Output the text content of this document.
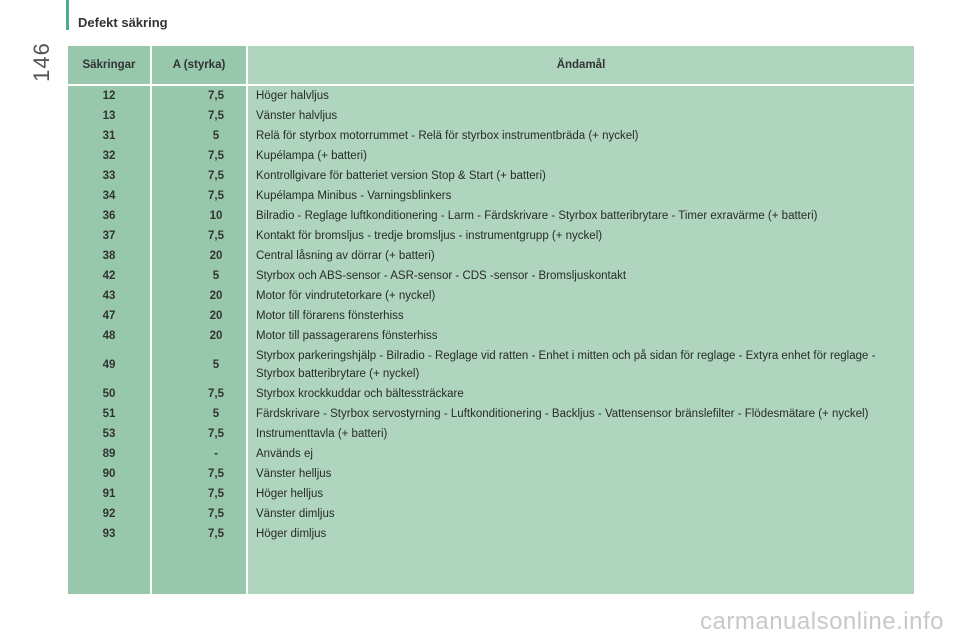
146
Defekt säkring
Säkringar	A (styrka)	Ändamål
12	7,5	Höger halvljus
13	7,5	Vänster halvljus
31	5	Relä för styrbox motorrummet - Relä för styrbox instrumentbräda (+ nyckel)
32	7,5	Kupélampa (+ batteri)
33	7,5	Kontrollgivare för batteriet version Stop & Start (+ batteri)
34	7,5	Kupélampa Minibus - Varningsblinkers
36	10	Bilradio - Reglage luftkonditionering - Larm - Färdskrivare - Styrbox batteribrytare - Timer exravärme (+ batteri)
37	7,5	Kontakt för bromsljus - tredje bromsljus - instrumentgrupp (+ nyckel)
38	20	Central låsning av dörrar (+ batteri)
42	5	Styrbox och ABS-sensor - ASR-sensor - CDS -sensor - Bromsljuskontakt
43	20	Motor för vindrutetorkare (+ nyckel)
47	20	Motor till förarens fönsterhiss
48	20	Motor till passagerarens fönsterhiss
49	5
Styrbox parkeringshjälp - Bilradio - Reglage vid ratten - Enhet i mitten och på sidan för reglage - Extyra enhet för reglage - Styrbox batteribrytare (+ nyckel)
50	7,5	Styrbox krockkuddar och bältessträckare
51	5	Färdskrivare - Styrbox servostyrning - Luftkonditionering - Backljus - Vattensensor bränslefilter - Flödesmätare (+ nyckel)
53	7,5	Instrumenttavla (+ batteri)
89	-	Används ej
90	7,5	Vänster helljus
91	7,5	Höger helljus
92	7,5	Vänster dimljus
93	7,5	Höger dimljus
carmanualsonline.info
